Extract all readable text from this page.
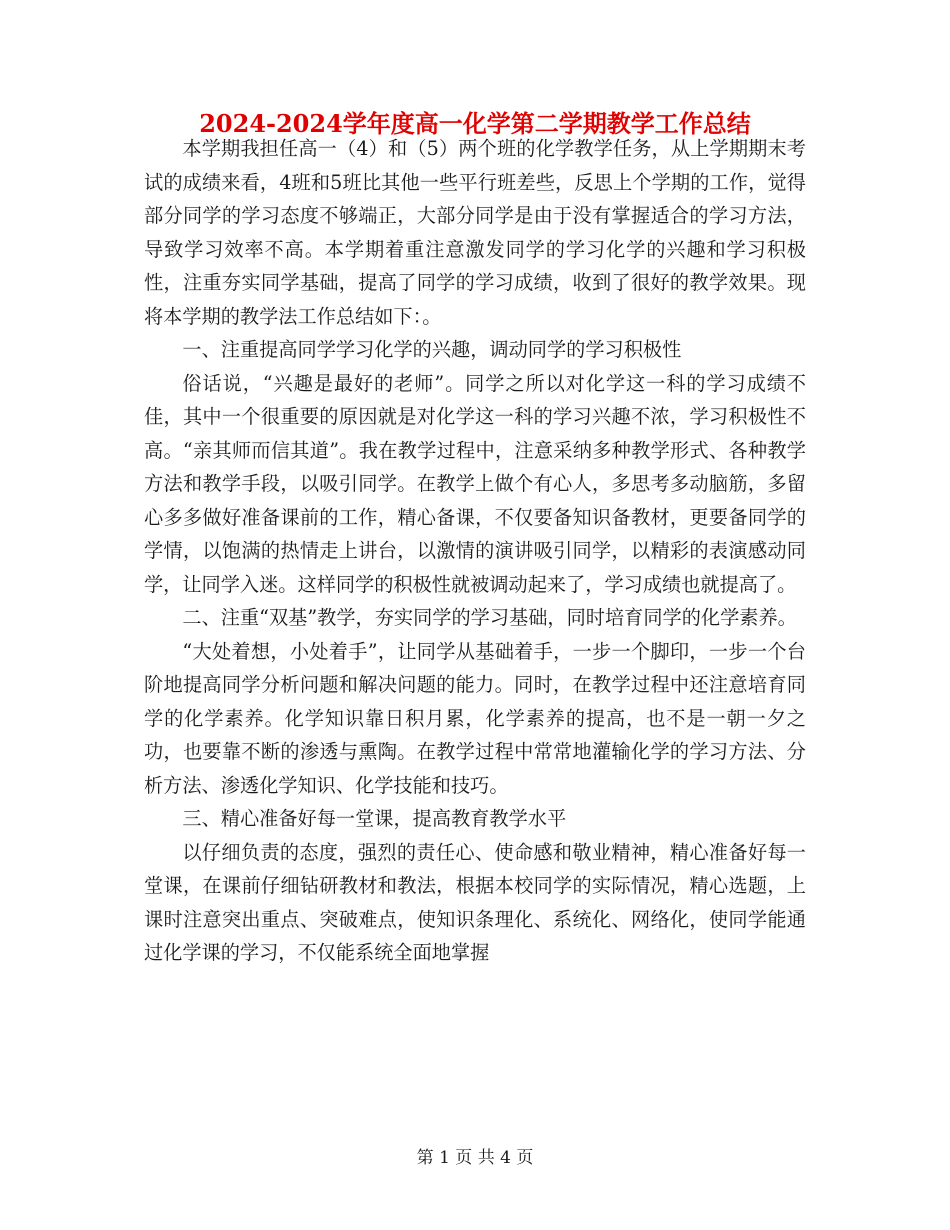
2024-2024学年度高一化学第二学期教学工作总结

本学期我担任高一（4）和（5）两个班的化学教学任务，从上学期期末考试的成绩来看，4班和5班比其他一些平行班差些，反思上个学期的工作，觉得部分同学的学习态度不够端正，大部分同学是由于没有掌握适合的学习方法，导致学习效率不高。本学期着重注意激发同学的学习化学的兴趣和学习积极性，注重夯实同学基础，提高了同学的学习成绩，收到了很好的教学效果。现将本学期的教学法工作总结如下：。

一、注重提高同学学习化学的兴趣，调动同学的学习积极性

俗话说，“兴趣是最好的老师”。同学之所以对化学这一科的学习成绩不佳，其中一个很重要的原因就是对化学这一科的学习兴趣不浓，学习积极性不高。“亲其师而信其道”。我在教学过程中，注意采纳多种教学形式、各种教学方法和教学手段，以吸引同学。在教学上做个有心人，多思考多动脑筋，多留心多多做好准备课前的工作，精心备课，不仅要备知识备教材，更要备同学的学情，以饱满的热情走上讲台，以激情的演讲吸引同学，以精彩的表演感动同学，让同学入迷。这样同学的积极性就被调动起来了，学习成绩也就提高了。

二、注重“双基”教学，夯实同学的学习基础，同时培育同学的化学素养。

“大处着想，小处着手”，让同学从基础着手，一步一个脚印，一步一个台阶地提高同学分析问题和解决问题的能力。同时，在教学过程中还注意培育同学的化学素养。化学知识靠日积月累，化学素养的提高，也不是一朝一夕之功，也要靠不断的渗透与熏陶。在教学过程中常常地灌输化学的学习方法、分析方法、渗透化学知识、化学技能和技巧。

三、精心准备好每一堂课，提高教育教学水平

以仔细负责的态度，强烈的责任心、使命感和敬业精神，精心准备好每一堂课，在课前仔细钻研教材和教法，根据本校同学的实际情况，精心选题，上课时注意突出重点、突破难点，使知识条理化、系统化、网络化，使同学能通过化学课的学习，不仅能系统全面地掌握

第 1 页 共 4 页
